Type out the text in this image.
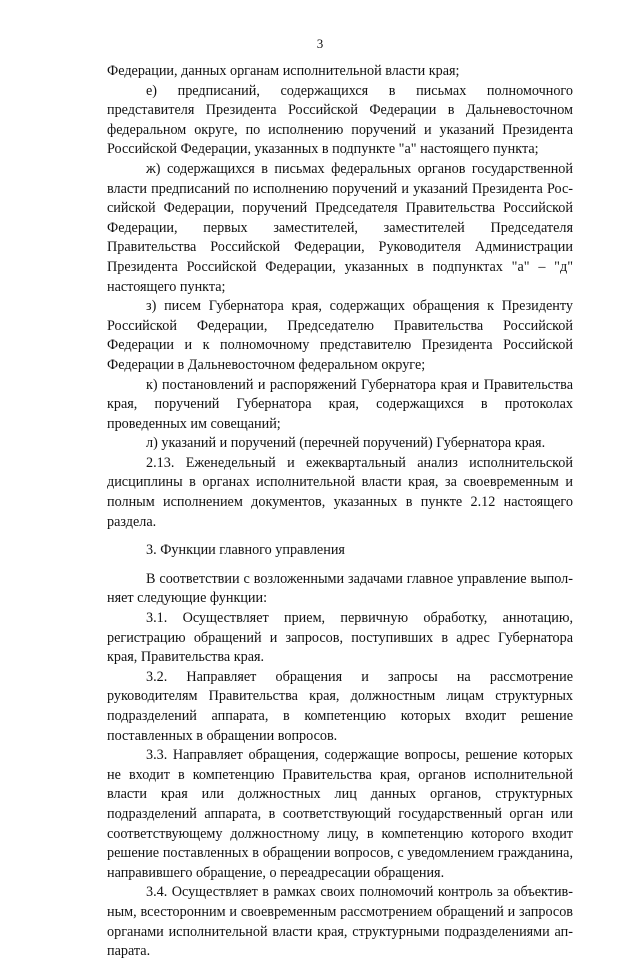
3

Федерации, данных органам исполнительной власти края;

е) предписаний, содержащихся в письмах полномочного представителя Президента Российской Федерации в Дальневосточном федеральном округе, по исполнению поручений и указаний Президента Российской Федерации, указанных в подпункте "а" настоящего пункта;

ж) содержащихся в письмах федеральных органов государственной власти предписаний по исполнению поручений и указаний Президента Российской Федерации, поручений Председателя Правительства Российской Федерации, первых заместителей, заместителей Председателя Правительства Российской Федерации, Руководителя Администрации Президента Российской Федерации, указанных в подпунктах "а" – "д" настоящего пункта;

з) писем Губернатора края, содержащих обращения к Президенту Российской Федерации, Председателю Правительства Российской Федерации и к полномочному представителю Президента Российской Федерации в Дальневосточном федеральном округе;

к) постановлений и распоряжений Губернатора края и Правительства края, поручений Губернатора края, содержащихся в протоколах проведенных им совещаний;

л) указаний и поручений (перечней поручений) Губернатора края.

2.13. Еженедельный и ежеквартальный анализ исполнительской дисциплины в органах исполнительной власти края, за своевременным и полным исполнением документов, указанных в пункте 2.12 настоящего раздела.

3. Функции главного управления

В соответствии с возложенными задачами главное управление выполняет следующие функции:

3.1. Осуществляет прием, первичную обработку, аннотацию, регистрацию обращений и запросов, поступивших в адрес Губернатора края, Правительства края.

3.2. Направляет обращения и запросы на рассмотрение руководителям Правительства края, должностным лицам структурных подразделений аппарата, в компетенцию которых входит решение поставленных в обращении вопросов.

3.3. Направляет обращения, содержащие вопросы, решение которых не входит в компетенцию Правительства края, органов исполнительной власти края или должностных лиц данных органов, структурных подразделений аппарата, в соответствующий государственный орган или соответствующему должностному лицу, в компетенцию которого входит решение поставленных в обращении вопросов, с уведомлением гражданина, направившего обращение, о переадресации обращения.

3.4. Осуществляет в рамках своих полномочий контроль за объективным, всесторонним и своевременным рассмотрением обращений и запросов органами исполнительной власти края, структурными подразделениями аппарата.
